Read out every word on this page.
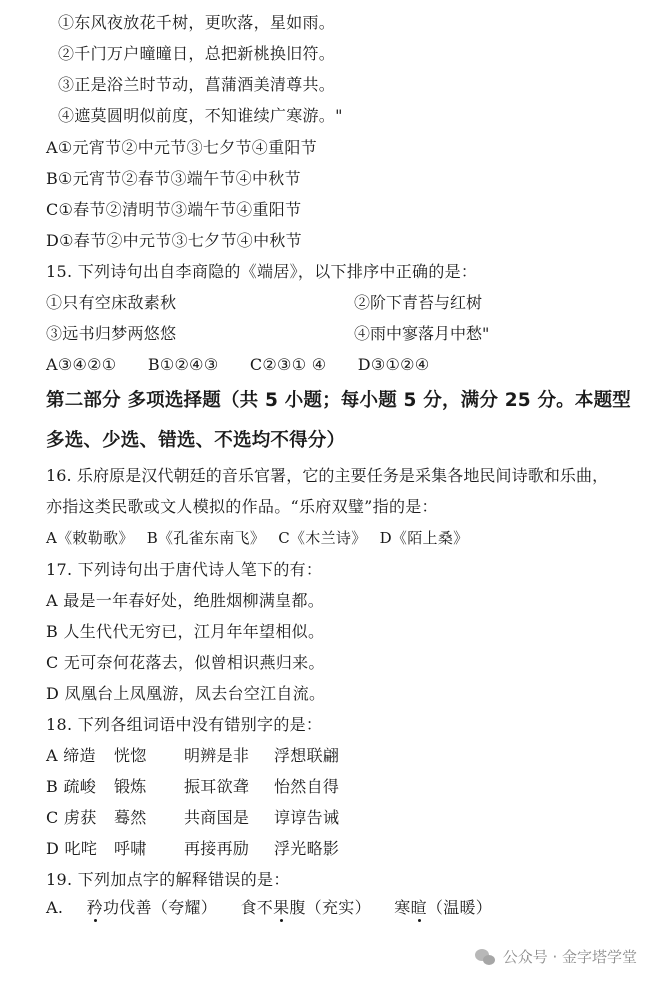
①东风夜放花千树，更吹落，星如雨。
②千门万户曈曈日，总把新桃换旧符。
③正是浴兰时节动，菖蒲酒美清尊共。
④遮莫圆明似前度，不知谁续广寒游。"
A①元宵节②中元节③七夕节④重阳节
B①元宵节②春节③端午节④中秋节
C①春节②清明节③端午节④重阳节
D①春节②中元节③七夕节④中秋节
15. 下列诗句出自李商隐的《端居》，以下排序中正确的是：
①只有空床敌素秋	②阶下青苔与红树
③远书归梦两悠悠	④雨中寥落月中愁"
A③④②① B①②④③ C②③① ④ D③①②④
第二部分 多项选择题（共 5 小题；每小题 5 分，满分 25 分。本题型
多选、少选、错选、不选均不得分）
16. 乐府原是汉代朝廷的音乐官署，它的主要任务是采集各地民间诗歌和乐曲，
亦指这类民歌或文人模拟的作品。“乐府双璧”指的是：
A《敕勒歌》 B《孔雀东南飞》 C《木兰诗》 D《陌上桑》
17. 下列诗句出于唐代诗人笔下的有：
A 最是一年春好处，绝胜烟柳满皇都。
B 人生代代无穷已，江月年年望相似。
C 无可奈何花落去，似曾相识燕归来。
D 凤凰台上凤凰游，凤去台空江自流。
18. 下列各组词语中没有错别字的是：
A 缔造 恍惚 明辨是非 浮想联翩
B 疏峻 锻炼 振耳欲聋 怡然自得
C 虏获 蓦然 共商国是 谆谆告诫
D 叱咤 呼啸 再接再励 浮光略影
19. 下列加点字的解释错误的是：
A. 矜功伐善（夸耀） 食不果腹（充实） 寒暄（温暖）
公众号 · 金字塔学堂
